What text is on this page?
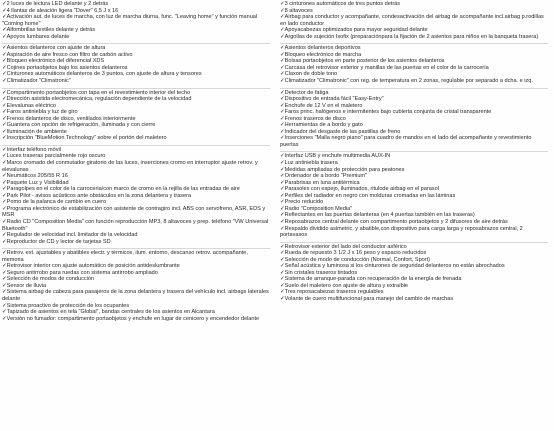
✓2 luces de lectura LED delante y 2 detrás
✓4 llantas de aleación ligera "Dover" 6,5 J x 16
✓Activación aut. de luces de marcha, con luz de marcha diurna, func. "Leaving home" y función manual "Coming home"
✓Alfombrillas textiles delante y detrás
✓Apoyos lumbares delante
✓Asientos delanteros con ajuste de altura
✓Aspiración de aire fresco con filtro de carbón activo
✓Bloqueo electrónico del diferencial XDS
✓Cojines portaobjetos bajo los asientos delanteros
✓Cinturones automáticos delanteros de 3 puntos, con ajuste de altura y tensores
✓Climatizador "Climatronic"
✓Compartimento portaobjetos con tapa en el revestimiento interior del techo
✓Dirección asistida electromecánica, regulación dependiente de la velocidad
✓Elevalunas eléctrico
✓Faros antiniebla y luz de giro
✓Frenos delanteros de disco, ventilados interiormente
✓Guantera con opción de refrigeración, iluminada y con cierre
✓Iluminación de ambiente
✓Inscripción "BlueMotion Technology" sobre el portón del maletero
✓Interfaz teléfono móvil
✓Luces traseras parcialmente rojo oscuro
✓Marco cromado del conmutador giratorio de las luces, inserciones cromo en interruptor ajuste retrov. y elevalunas
✓Neumáticos 205/55 R 16
✓Paquete Luz y Visibilidad
✓Paragolpes en el color de la carroceria/con marco de cromo en la rejilla de las entradas de aire
✓Park Pilot - avisos acústicos ante obstáculos en la zona delantera y trasera
✓Pomo de la palanca de cambio en cuero
✓Programa electrónico de estabilización con asistente de contragiro incl. ABS con servofreno, ASR, EDS y MSR
✓Radio CD "Composition Media" con función reproducción MP3, 8 altavoces y prep. teléfono "VW Universal Bluetooth"
✓Regulador de velocidad incl. limitador de la velocidad
✓Reproductor de CD y lector de tarjetas SD
✓Retrov. ext. ajustables y abatibles electr. y térmicos, ilum. entorno, descanso retrov. acompañante, memoria
✓Retrovisor interior con ajuste automático de posición antideslumbrante
✓Seguro antirrobo para ruedas con sistema antirrobo ampliado
✓Selección de modos de conducción
✓Sensor de lluvia
✓Sistema airbag de cabeza para pasajeros de la zona delantera y trasera del vehículo incl. airbags laterales delante
✓Sistema proactivo de protección de los ocupantes
✓Tapizado de asientos en tela "Global", bandas centrales de los asientos en Alcantara
✓Versión no fumador: compartimento portaobjetos y enchufe en lugar de cenicero y encendedor delante
✓3 cinturones automáticos de tres puntos detrás
✓8 altavoces
✓Airbag para conductor y acompañante, condesactivación del airbag de acompañante incl.airbag p.rodillas en lado conductor
✓Apoyacabezas optimizados para mayor seguridad delante
✓Argollas de sujeción Isofix (preparaciónpara la fijación de 2 asientos para niños en la banqueta trasera)
✓Asientos delanteros deportivos
✓Bloqueo electrónico de marcha
✓Bolsas portaobjetos en parte posterior de los asientos delanteros
✓Carcasa del retrovisor exterior y manillas de las puertas en el color de la carrocería
✓Claxon de doble tono
✓Climatizador "Climatronic" con reg. de temperatura en 2 zonas, regulable por separado a dcha. e izq.
✓Detector de fatiga
✓Dispositivo de entrada fácil "Easy-Entry"
✓Enchufe de 12 V en el maletero
✓Faros princ. halógenos e intermitentes bajo cubierta conjunta de cristal transparente
✓Frenos traseros de disco
✓Herramientas de a bordo y gato
✓Indicador del desgaste de las pastillas de freno
✓Inserciones "Malla negro piano" para cuadro de mandos en el lado del acompañante y revestimiento puertas
✓Interfaz USB y enchufe multimedia AUX-IN
✓Luz antiniebla trasera
✓Medidas ampliadas de protección para peatones
✓Ordenador de a bordo "Premium"
✓Parabrisas en luna antitérmica
✓Parasoles con espejo, iluminados, ritulode airbag en el parasol
✓Perfiles del radiador en negro con molduras cromadas en las láminas
✓Precio reducido
✓Radio "Composition Media"
✓Reflectantes en las puertas delanteras (en 4 puertas también en las traseras)
✓Reposabrazos central delante con compartimento portaobjetos y 2 difusores de aire detrás
✓Respaldo dividido asimetric. y abatible,con dispositivo para carga larga y reposabrazos central, 2 portavasos
✓Retrovisor exterior del lado del conductor asférico
✓Rueda de repuesto 3 1/2 J x 16 peso y espacio reducidos
✓Selección de modo de conducción (Normal, Confort, Sport)
✓Señal acústica y luminosa si los cinturones de seguridad delanteros no están abrochados
✓Sin cristales traseros tintados
✓Sistema de arranque-parada con recuperación de la energía de frenada
✓Suelo del maletero con ajuste de altura y extraíble
✓Tres reposacabezas traseros regulables
✓Volante de cuero multifuncional para manejo del cambio de marchas
